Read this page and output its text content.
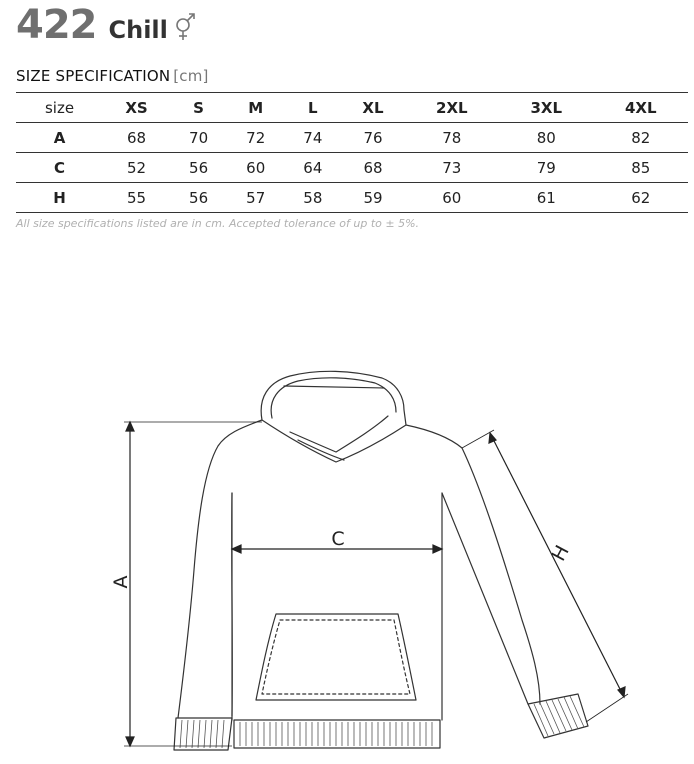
422 Chill
SIZE SPECIFICATION [cm]
size	XS	S	M	L	XL	2XL	3XL	4XL
A	68	70	72	74	76	78	80	82
C	52	56	60	64	68	73	79	85
H	55	56	57	58	59	60	61	62
All size specifications listed are in cm. Accepted tolerance of up to ± 5%.
A
C
H
